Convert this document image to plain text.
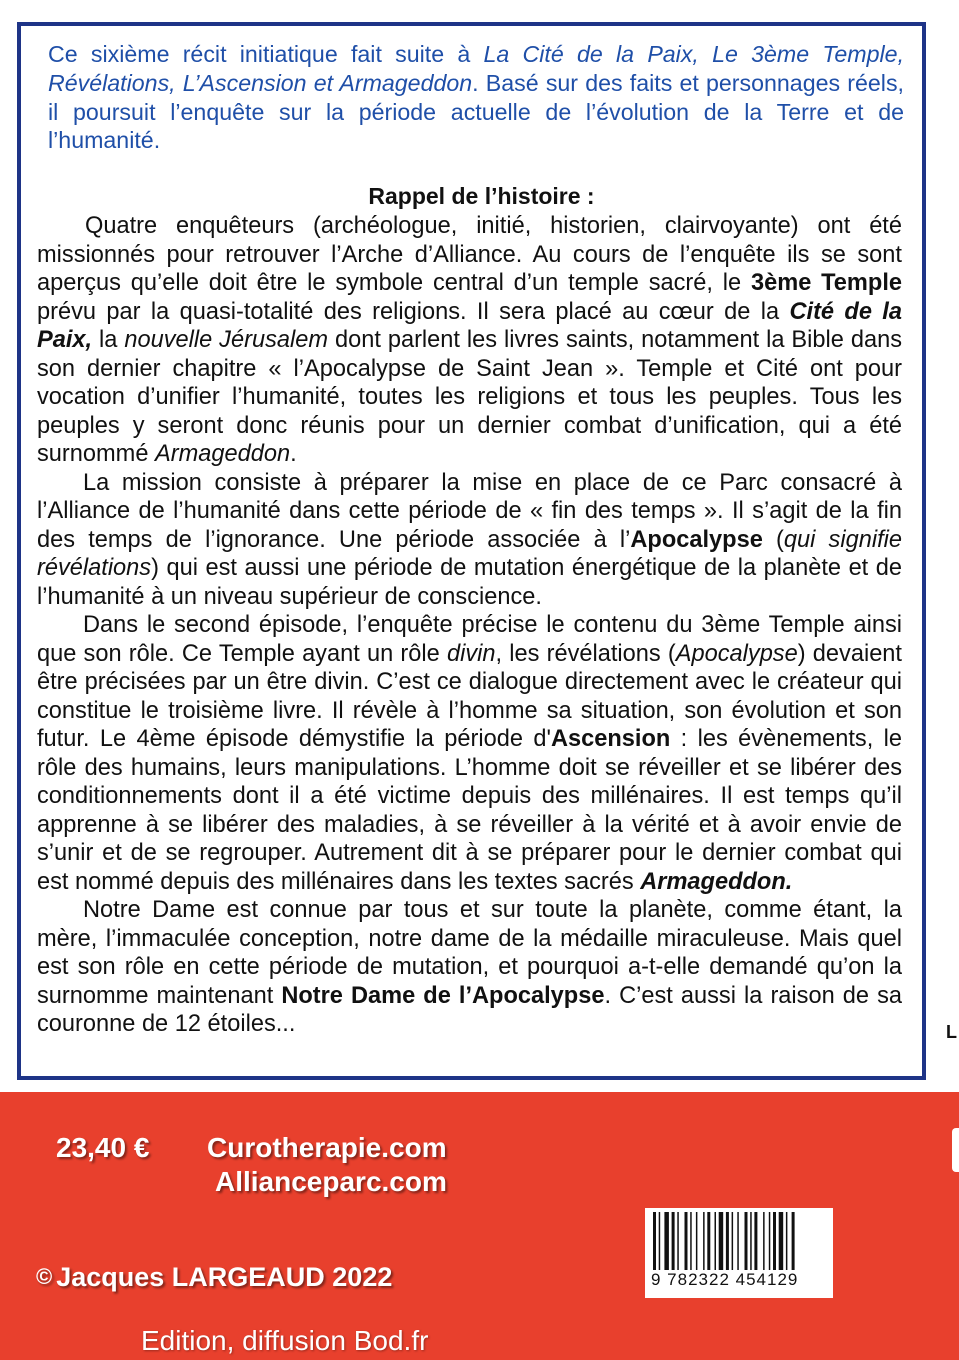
Ce sixième récit initiatique fait suite à La Cité de la Paix, Le 3ème Temple, Révélations, L’Ascension et Armageddon. Basé sur des faits et personnages réels, il poursuit l’enquête sur la période actuelle de l’évolution de la Terre et de l’humanité.

Rappel de l’histoire :

Quatre enquêteurs (archéologue, initié, historien, clairvoyante) ont été missionnés pour retrouver l’Arche d’Alliance. Au cours de l’enquête ils se sont aperçus qu’elle doit être le symbole central d’un temple sacré, le 3ème Temple prévu par la quasi-totalité des religions. Il sera placé au cœur de la Cité de la Paix, la nouvelle Jérusalem dont parlent les livres saints, notamment la Bible dans son dernier chapitre « l’Apocalypse de Saint Jean ». Temple et Cité ont pour vocation d’unifier l’humanité, toutes les religions et tous les peuples. Tous les peuples y seront donc réunis pour un dernier combat d’unification, qui a été surnommé Armageddon.

La mission consiste à préparer la mise en place de ce Parc consacré à l’Alliance de l’humanité dans cette période de « fin des temps ». Il s’agit de la fin des temps de l’ignorance. Une période associée à l’Apocalypse (qui signifie révélations) qui est aussi une période de mutation énergétique de la planète et de l’humanité à un niveau supérieur de conscience.

Dans le second épisode, l’enquête précise le contenu du 3ème Temple ainsi que son rôle. Ce Temple ayant un rôle divin, les révélations (Apocalypse) devaient être précisées par un être divin. C’est ce dialogue directement avec le créateur qui constitue le troisième livre. Il révèle à l’homme sa situation, son évolution et son futur. Le 4ème épisode démystifie la période d'Ascension : les évènements, le rôle des humains, leurs manipulations. L’homme doit se réveiller et se libérer des conditionnements dont il a été victime depuis des millénaires. Il est temps qu’il apprenne à se libérer des maladies, à se réveiller à la vérité et à avoir envie de s’unir et de se regrouper. Autrement dit à se préparer pour le dernier combat qui est nommé depuis des millénaires dans les textes sacrés Armageddon.

Notre Dame est connue par tous et sur toute la planète, comme étant, la mère, l’immaculée conception, notre dame de la médaille miraculeuse. Mais quel est son rôle en cette période de mutation, et pourquoi a-t-elle demandé qu’on la surnomme maintenant Notre Dame de l’Apocalypse. C’est aussi la raison de sa couronne de 12 étoiles...	L
23,40 € Curotherapie.com
Allianceparc.com
© Jacques LARGEAUD 2022
Edition, diffusion Bod.fr
9 782322 454129
